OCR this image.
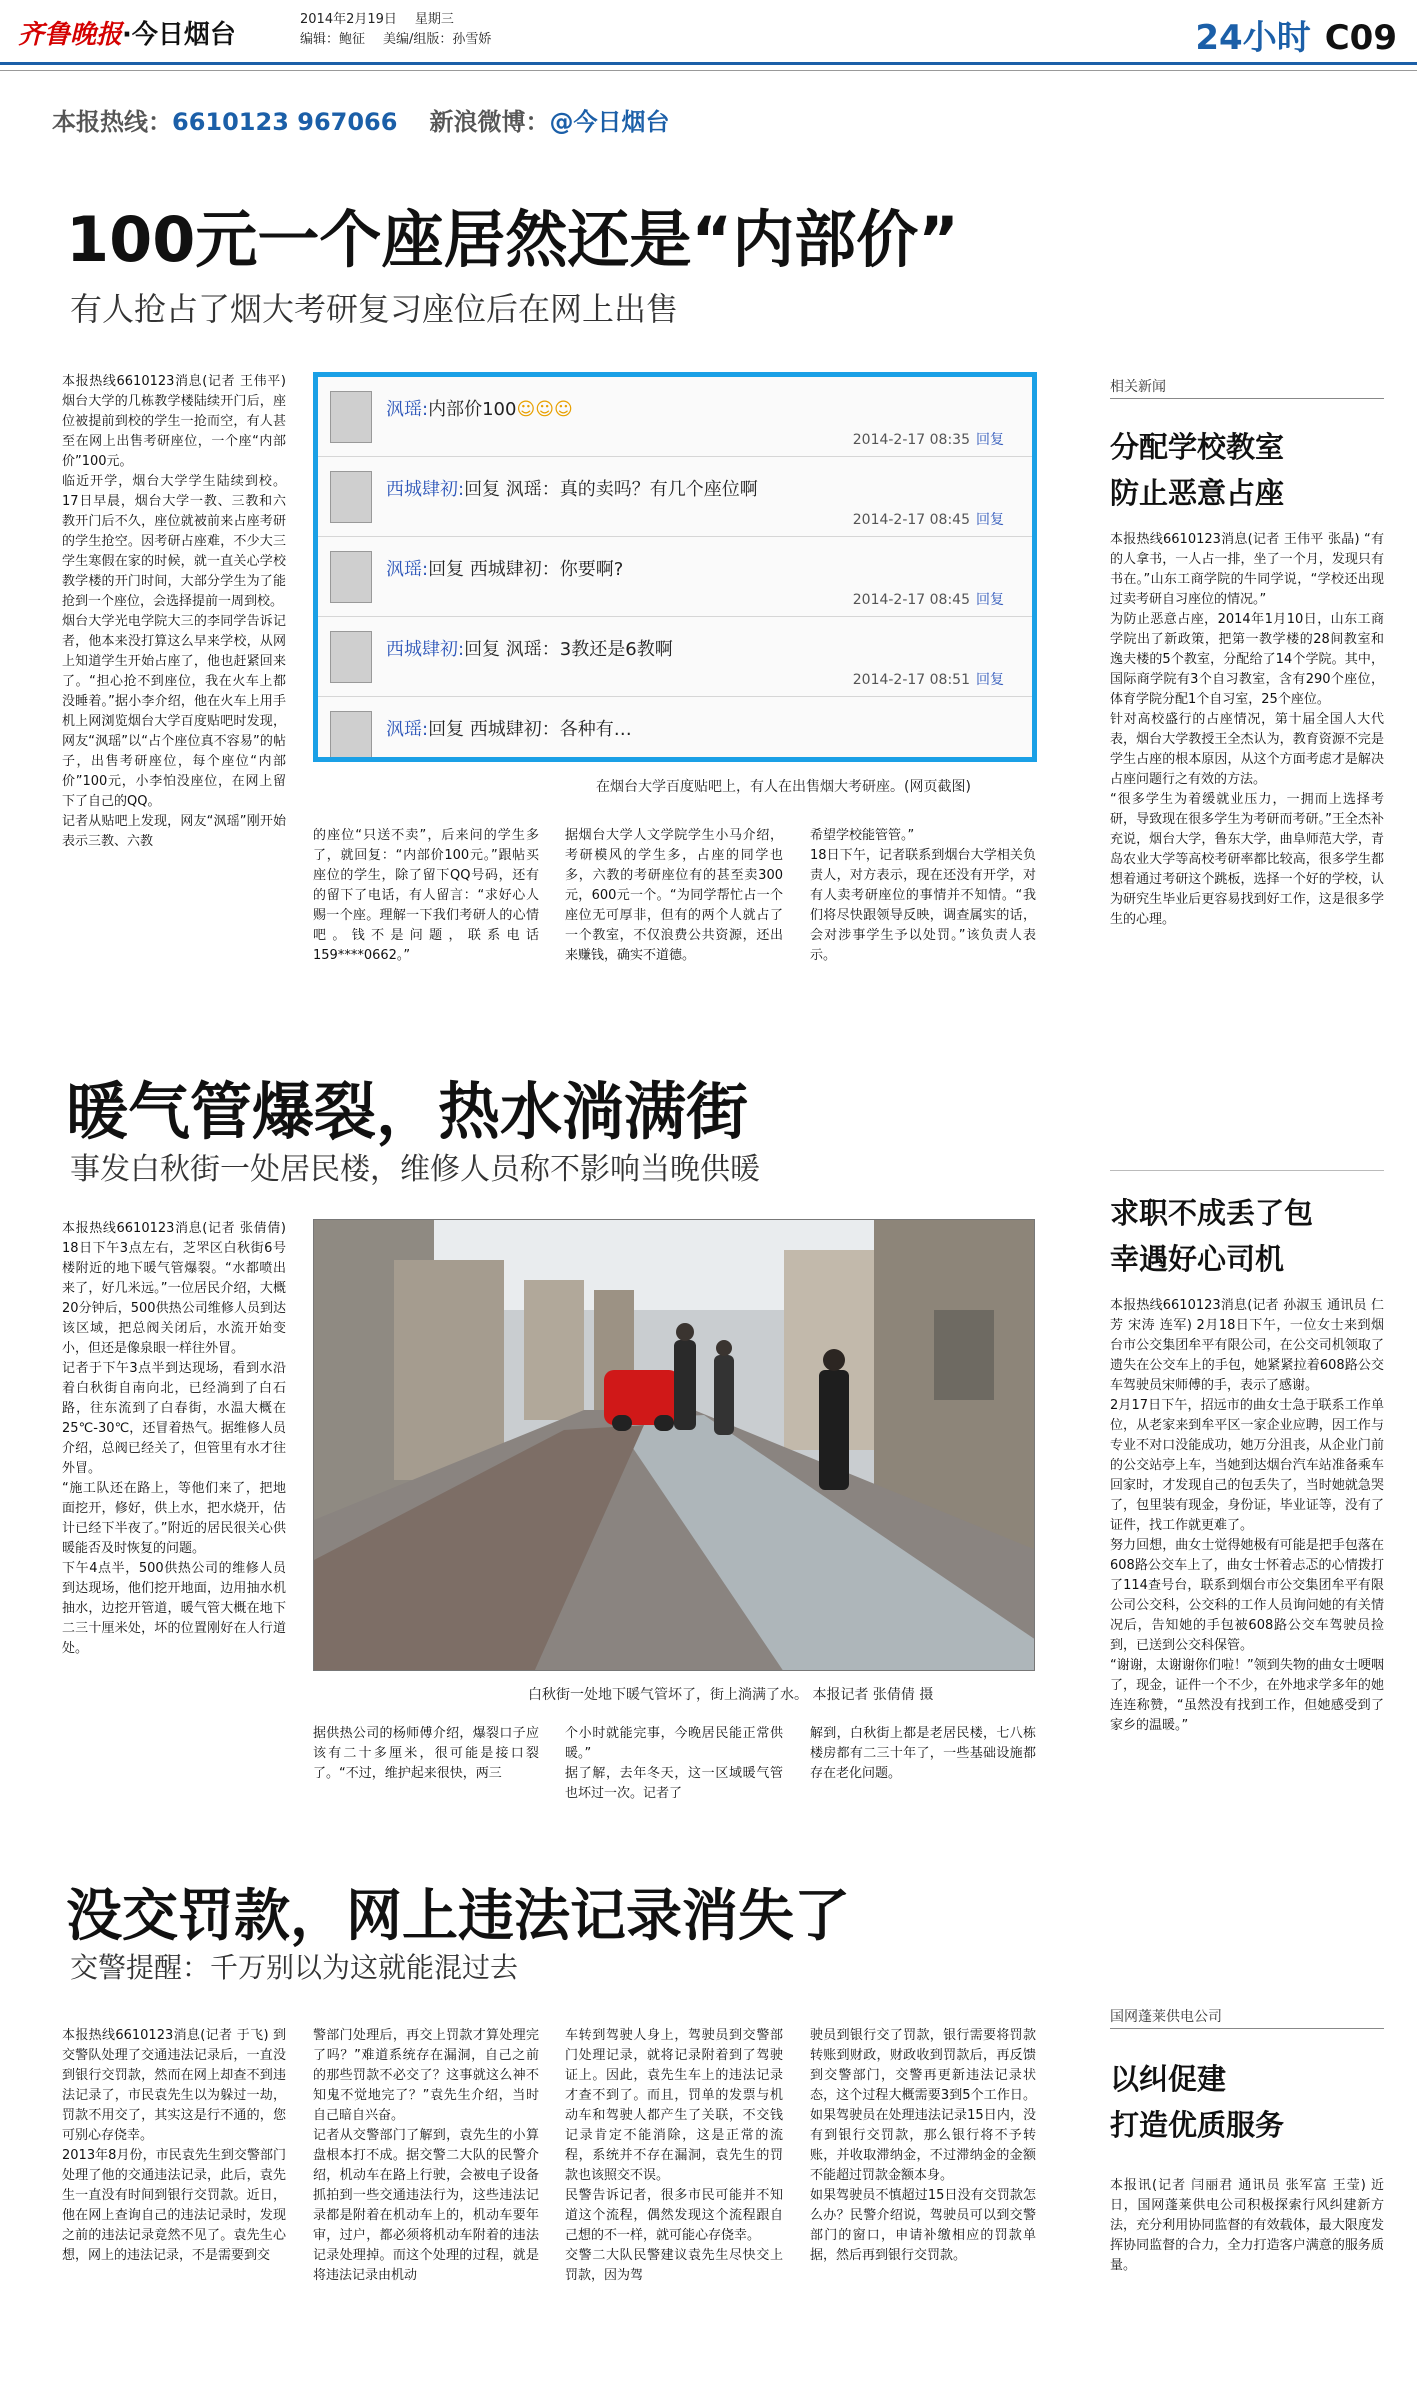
齐鲁晚报·今日烟台
2014年2月19日 星期三
编辑：鲍征 美编/组版：孙雪娇	24小时 C09
本报热线：6610123 967066 新浪微博：@今日烟台
100元一个座居然还是“内部价”
有人抢占了烟大考研复习座位后在网上出售
本报热线6610123消息(记者 王伟平) 烟台大学的几栋教学楼陆续开门后，座位被提前到校的学生一抢而空，有人甚至在网上出售考研座位，一个座“内部价”100元。
临近开学，烟台大学学生陆续到校。17日早晨，烟台大学一教、三教和六教开门后不久，座位就被前来占座考研的学生抢空。因考研占座难，不少大三学生寒假在家的时候，就一直关心学校教学楼的开门时间，大部分学生为了能抢到一个座位，会选择提前一周到校。
烟台大学光电学院大三的李同学告诉记者，他本来没打算这么早来学校，从网上知道学生开始占座了，他也赶紧回来了。“担心抢不到座位，我在火车上都没睡着。”据小李介绍，他在火车上用手机上网浏览烟台大学百度贴吧时发现，网友“沨瑶”以“占个座位真不容易”的帖子，出售考研座位，每个座位“内部价”100元，小李怕没座位，在网上留下了自己的QQ。
记者从贴吧上发现，网友“沨瑶”刚开始表示三教、六教
沨瑶:内部价100☺☺☺
2014-2-17 08:35 回复
西城肆初:回复 沨瑶：真的卖吗？有几个座位啊
2014-2-17 08:45 回复
沨瑶:回复 西城肆初：你要啊?
2014-2-17 08:45 回复
西城肆初:回复 沨瑶：3教还是6教啊
2014-2-17 08:51 回复
沨瑶:回复 西城肆初：各种有…
在烟台大学百度贴吧上，有人在出售烟大考研座。(网页截图)
的座位“只送不卖”，后来问的学生多了，就回复：“内部价100元。”跟帖买座位的学生，除了留下QQ号码，还有的留下了电话，有人留言：“求好心人赐一个座。理解一下我们考研人的心情吧。钱不是问题，联系电话159****0662。”
据烟台大学人文学院学生小马介绍，考研模风的学生多，占座的同学也多，六教的考研座位有的甚至卖300元，600元一个。“为同学帮忙占一个座位无可厚非，但有的两个人就占了一个教室，不仅浪费公共资源，还出来赚钱，确实不道德。
希望学校能管管。”
18日下午，记者联系到烟台大学相关负责人，对方表示，现在还没有开学，对有人卖考研座位的事情并不知情。“我们将尽快跟领导反映，调查属实的话，会对涉事学生予以处罚。”该负责人表示。
暖气管爆裂，热水淌满街
事发白秋街一处居民楼，维修人员称不影响当晚供暖
本报热线6610123消息(记者 张倩倩) 18日下午3点左右，芝罘区白秋街6号楼附近的地下暖气管爆裂。“水都喷出来了，好几米远。”一位居民介绍，大概20分钟后，500供热公司维修人员到达该区域，把总阀关闭后，水流开始变小，但还是像泉眼一样往外冒。
记者于下午3点半到达现场，看到水沿着白秋街自南向北，已经淌到了白石路，往东流到了白春街，水温大概在25℃-30℃，还冒着热气。据维修人员介绍，总阀已经关了，但管里有水才往外冒。
“施工队还在路上，等他们来了，把地面挖开，修好，供上水，把水烧开，估计已经下半夜了。”附近的居民很关心供暖能否及时恢复的问题。
下午4点半，500供热公司的维修人员到达现场，他们挖开地面，边用抽水机抽水，边挖开管道，暖气管大概在地下二三十厘米处，坏的位置刚好在人行道处。
白秋街一处地下暖气管坏了，街上淌满了水。 本报记者 张倩倩 摄
据供热公司的杨师傅介绍，爆裂口子应该有二十多厘米，很可能是接口裂了。“不过，维护起来很快，两三
个小时就能完事，今晚居民能正常供暖。”
据了解，去年冬天，这一区域暖气管也坏过一次。记者了
解到，白秋街上都是老居民楼，七八栋楼房都有二三十年了，一些基础设施都存在老化问题。
没交罚款，网上违法记录消失了
交警提醒：千万别以为这就能混过去
本报热线6610123消息(记者 于飞) 到交警队处理了交通违法记录后，一直没到银行交罚款，然而在网上却查不到违法记录了，市民袁先生以为躲过一劫，罚款不用交了，其实这是行不通的，您可别心存侥幸。
2013年8月份，市民袁先生到交警部门处理了他的交通违法记录，此后，袁先生一直没有时间到银行交罚款。近日，他在网上查询自己的违法记录时，发现之前的违法记录竟然不见了。袁先生心想，网上的违法记录，不是需要到交
警部门处理后，再交上罚款才算处理完了吗？”难道系统存在漏洞，自己之前的那些罚款不必交了？这事就这么神不知鬼不觉地完了？”袁先生介绍，当时自己暗自兴奋。
记者从交警部门了解到，袁先生的小算盘根本打不成。据交警二大队的民警介绍，机动车在路上行驶，会被电子设备抓拍到一些交通违法行为，这些违法记录都是附着在机动车上的，机动车要年审，过户，都必须将机动车附着的违法记录处理掉。而这个处理的过程，就是将违法记录由机动
车转到驾驶人身上，驾驶员到交警部门处理记录，就将记录附着到了驾驶证上。因此，袁先生车上的违法记录才查不到了。而且，罚单的发票与机动车和驾驶人都产生了关联，不交钱记录肯定不能消除，这是正常的流程，系统并不存在漏洞，袁先生的罚款也该照交不误。
民警告诉记者，很多市民可能并不知道这个流程，偶然发现这个流程跟自己想的不一样，就可能心存侥幸。
交警二大队民警建议袁先生尽快交上罚款，因为驾
驶员到银行交了罚款，银行需要将罚款转账到财政，财政收到罚款后，再反馈到交警部门，交警再更新违法记录状态，这个过程大概需要3到5个工作日。如果驾驶员在处理违法记录15日内，没有到银行交罚款，那么银行将不予转账，并收取滞纳金，不过滞纳金的金额不能超过罚款金额本身。
如果驾驶员不慎超过15日没有交罚款怎么办？民警介绍说，驾驶员可以到交警部门的窗口，申请补缴相应的罚款单据，然后再到银行交罚款。
相关新闻
分配学校教室
防止恶意占座
本报热线6610123消息(记者 王伟平 张晶) “有的人拿书，一人占一排，坐了一个月，发现只有书在。”山东工商学院的牛同学说，“学校还出现过卖考研自习座位的情况。”
为防止恶意占座，2014年1月10日，山东工商学院出了新政策，把第一教学楼的28间教室和逸夫楼的5个教室，分配给了14个学院。其中，国际商学院有3个自习教室，含有290个座位，体育学院分配1个自习室，25个座位。
针对高校盛行的占座情况，第十届全国人大代表，烟台大学教授王全杰认为，教育资源不完是学生占座的根本原因，从这个方面考虑才是解决占座问题行之有效的方法。
“很多学生为着缓就业压力，一拥而上选择考研，导致现在很多学生为考研而考研。”王全杰补充说，烟台大学，鲁东大学，曲阜师范大学，青岛农业大学等高校考研率都比较高，很多学生都想着通过考研这个跳板，选择一个好的学校，认为研究生毕业后更容易找到好工作，这是很多学生的心理。
求职不成丢了包
幸遇好心司机
本报热线6610123消息(记者 孙淑玉 通讯员 仁芳 宋涛 连军) 2月18日下午，一位女士来到烟台市公交集团牟平有限公司，在公交司机领取了遗失在公交车上的手包，她紧紧拉着608路公交车驾驶员宋师傅的手，表示了感谢。
2月17日下午，招远市的曲女士急于联系工作单位，从老家来到牟平区一家企业应聘，因工作与专业不对口没能成功，她万分沮丧，从企业门前的公交站亭上车，当她到达烟台汽车站准备乘车回家时，才发现自己的包丢失了，当时她就急哭了，包里装有现金，身份证，毕业证等，没有了证件，找工作就更难了。
努力回想，曲女士觉得她极有可能是把手包落在608路公交车上了，曲女士怀着忐忑的心情拨打了114查号台，联系到烟台市公交集团牟平有限公司公交科，公交科的工作人员询问她的有关情况后，告知她的手包被608路公交车驾驶员捡到，已送到公交科保管。
“谢谢，太谢谢你们啦！”领到失物的曲女士哽咽了，现金，证件一个不少，在外地求学多年的她连连称赞，“虽然没有找到工作，但她感受到了家乡的温暖。”
国网蓬莱供电公司
以纠促建
打造优质服务
本报讯(记者 闫丽君 通讯员 张军富 王莹) 近日，国网蓬莱供电公司积极探索行风纠建新方法，充分利用协同监督的有效载体，最大限度发挥协同监督的合力，全力打造客户满意的服务质量。
